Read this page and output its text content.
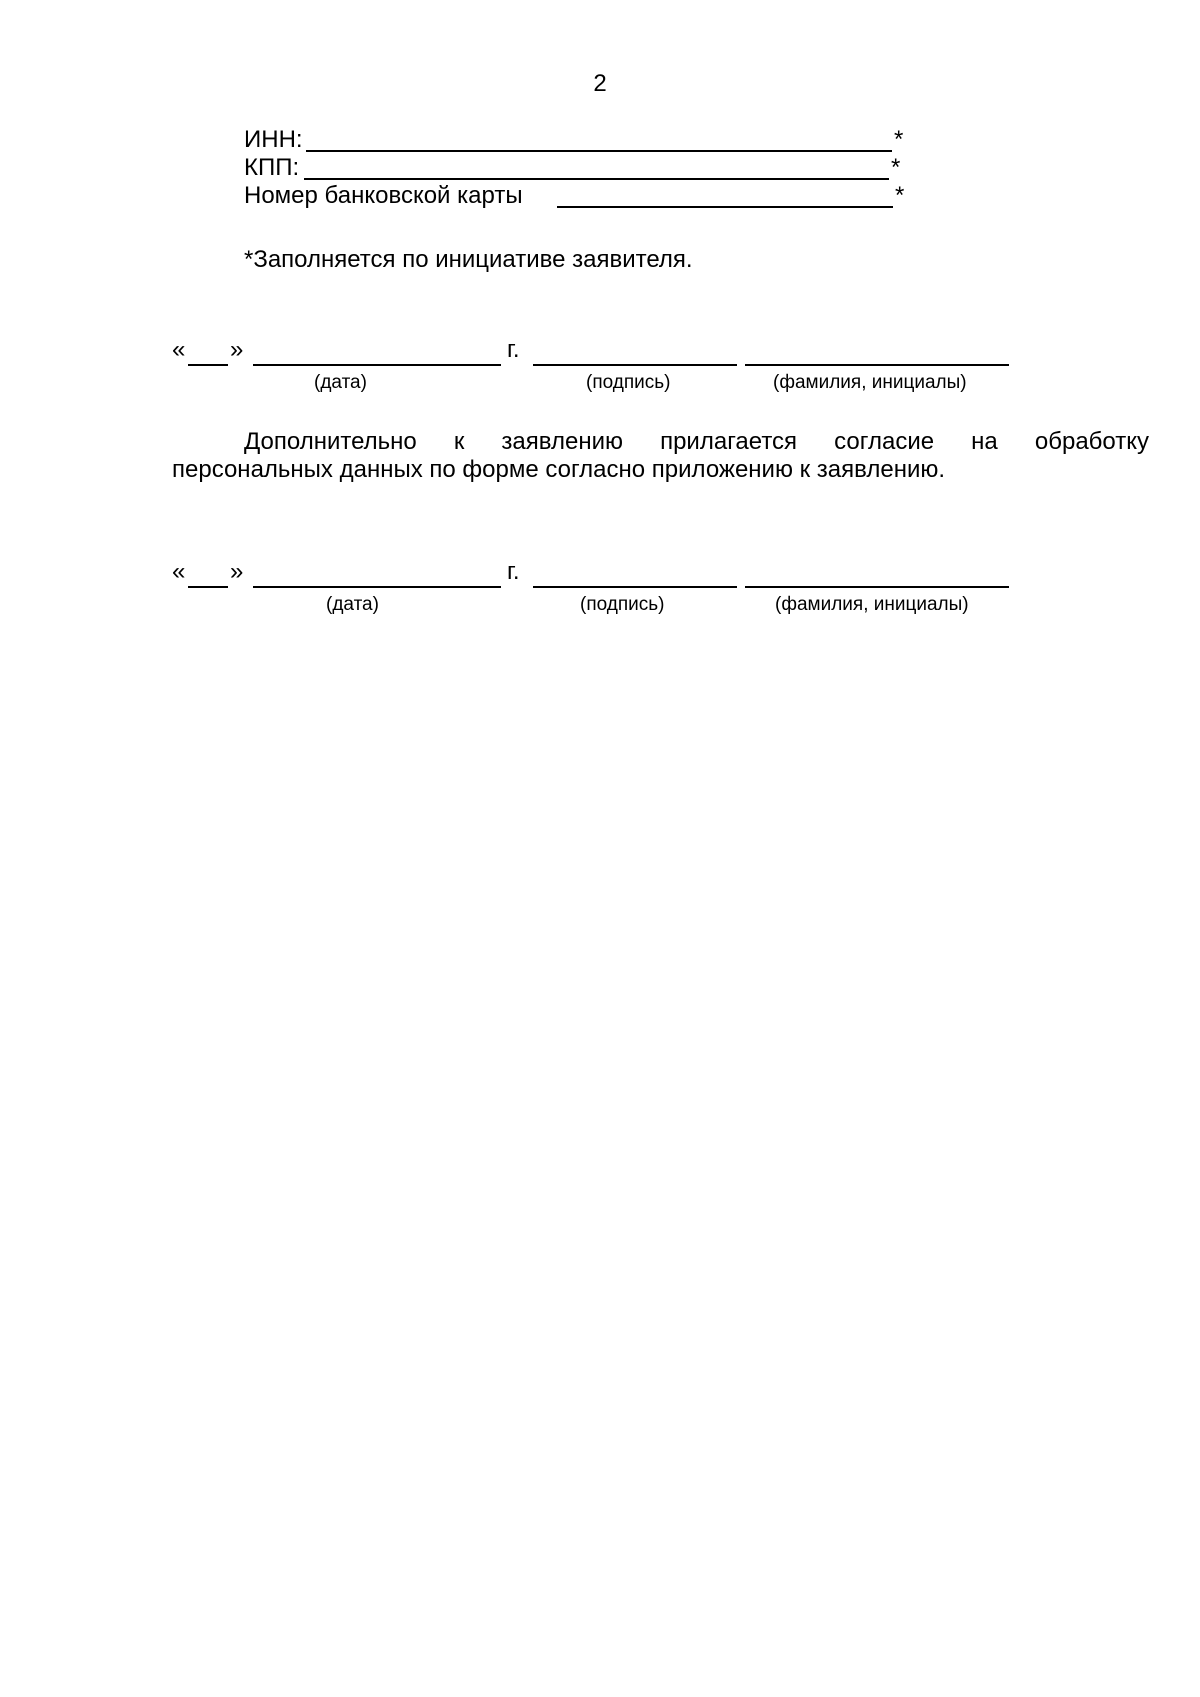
2
ИНН:	*
КПП:	*
Номер банковской карты	*
*Заполняется по инициативе заявителя.
« »	г.
(дата)	(подпись)	(фамилия, инициалы)
Дополнительно к заявлению прилагается согласие на обработку
персональных данных по форме согласно приложению к заявлению.
« »	г.
(дата)	(подпись)	(фамилия, инициалы)
